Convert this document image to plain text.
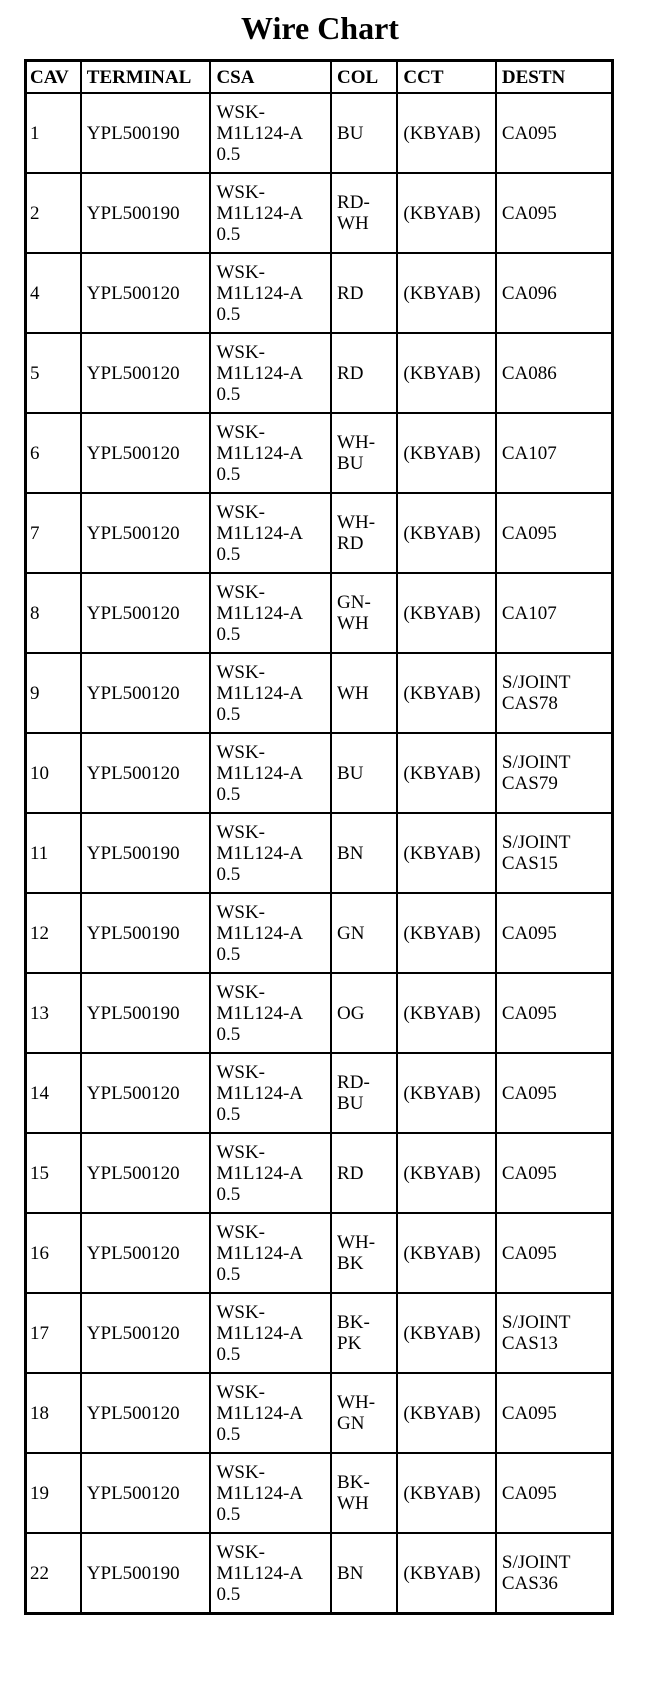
Wire Chart
CAV	TERMINAL	CSA	COL	CCT	DESTN
1	YPL500190	WSK-
M1L124-A
0.5	BU	(KBYAB)	CA095
2	YPL500190	WSK-
M1L124-A
0.5	RD-
WH	(KBYAB)	CA095
4	YPL500120	WSK-
M1L124-A
0.5	RD	(KBYAB)	CA096
5	YPL500120	WSK-
M1L124-A
0.5	RD	(KBYAB)	CA086
6	YPL500120	WSK-
M1L124-A
0.5	WH-
BU	(KBYAB)	CA107
7	YPL500120	WSK-
M1L124-A
0.5	WH-
RD	(KBYAB)	CA095
8	YPL500120	WSK-
M1L124-A
0.5	GN-
WH	(KBYAB)	CA107
9	YPL500120	WSK-
M1L124-A
0.5	WH	(KBYAB)	S/JOINT
CAS78
10	YPL500120	WSK-
M1L124-A
0.5	BU	(KBYAB)	S/JOINT
CAS79
11	YPL500190	WSK-
M1L124-A
0.5	BN	(KBYAB)	S/JOINT
CAS15
12	YPL500190	WSK-
M1L124-A
0.5	GN	(KBYAB)	CA095
13	YPL500190	WSK-
M1L124-A
0.5	OG	(KBYAB)	CA095
14	YPL500120	WSK-
M1L124-A
0.5	RD-
BU	(KBYAB)	CA095
15	YPL500120	WSK-
M1L124-A
0.5	RD	(KBYAB)	CA095
16	YPL500120	WSK-
M1L124-A
0.5	WH-
BK	(KBYAB)	CA095
17	YPL500120	WSK-
M1L124-A
0.5	BK-
PK	(KBYAB)	S/JOINT
CAS13
18	YPL500120	WSK-
M1L124-A
0.5	WH-
GN	(KBYAB)	CA095
19	YPL500120	WSK-
M1L124-A
0.5	BK-
WH	(KBYAB)	CA095
22	YPL500190	WSK-
M1L124-A
0.5	BN	(KBYAB)	S/JOINT
CAS36
